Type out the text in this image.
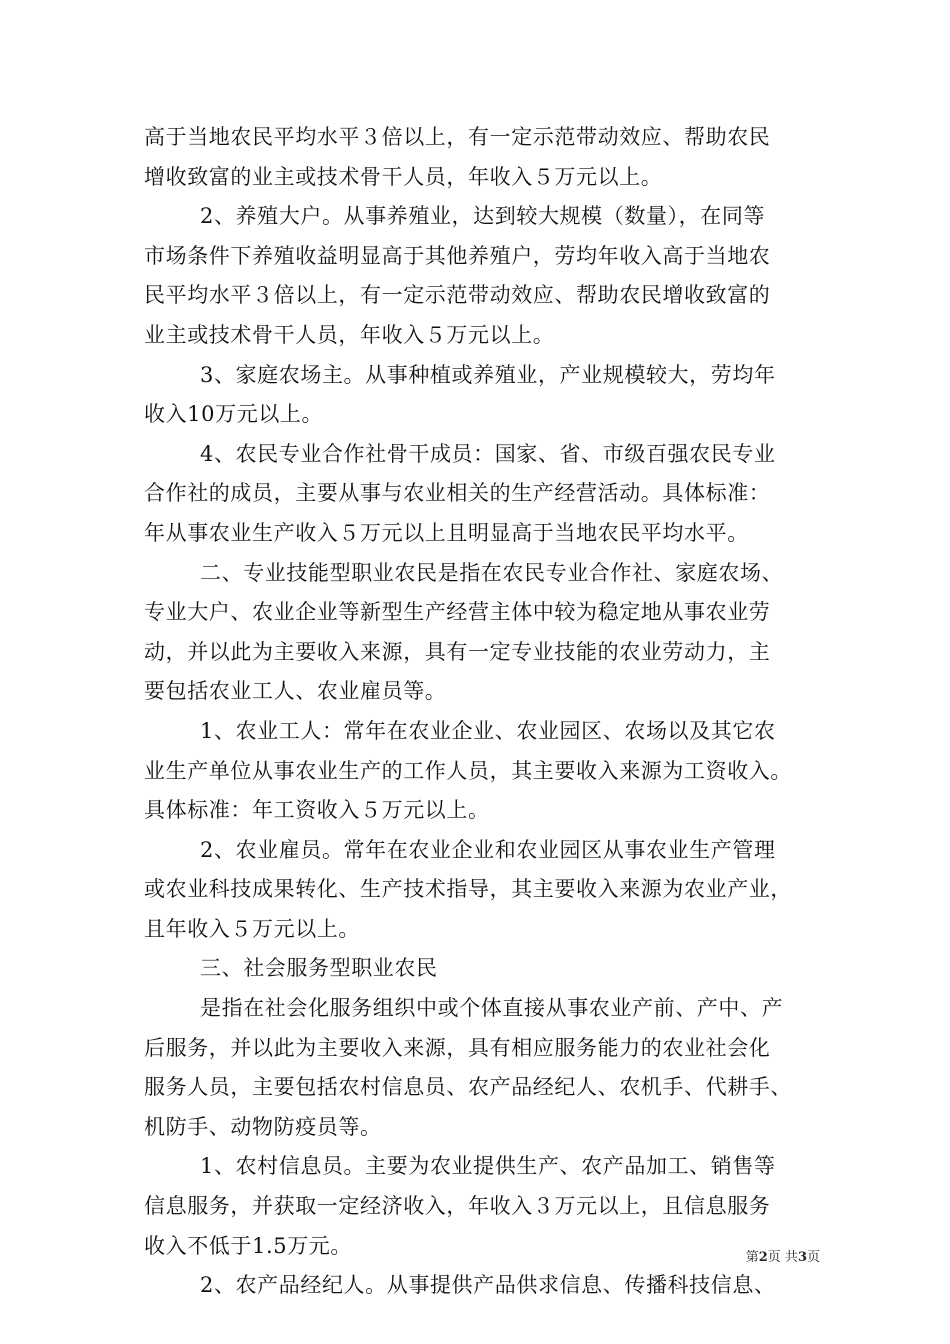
高于当地农民平均水平３倍以上，有一定示范带动效应、帮助农民
增收致富的业主或技术骨干人员，年收入５万元以上。
2、养殖大户。从事养殖业，达到较大规模（数量），在同等
市场条件下养殖收益明显高于其他养殖户，劳均年收入高于当地农
民平均水平３倍以上，有一定示范带动效应、帮助农民增收致富的
业主或技术骨干人员，年收入５万元以上。
3、家庭农场主。从事种植或养殖业，产业规模较大，劳均年
收入10万元以上。
4、农民专业合作社骨干成员：国家、省、市级百强农民专业
合作社的成员，主要从事与农业相关的生产经营活动。具体标准：
年从事农业生产收入５万元以上且明显高于当地农民平均水平。
二、专业技能型职业农民是指在农民专业合作社、家庭农场、
专业大户、农业企业等新型生产经营主体中较为稳定地从事农业劳
动，并以此为主要收入来源，具有一定专业技能的农业劳动力，主
要包括农业工人、农业雇员等。
1、农业工人：常年在农业企业、农业园区、农场以及其它农
业生产单位从事农业生产的工作人员，其主要收入来源为工资收入。
具体标准：年工资收入５万元以上。
2、农业雇员。常年在农业企业和农业园区从事农业生产管理
或农业科技成果转化、生产技术指导，其主要收入来源为农业产业，
且年收入５万元以上。
三、社会服务型职业农民
是指在社会化服务组织中或个体直接从事农业产前、产中、产
后服务，并以此为主要收入来源，具有相应服务能力的农业社会化
服务人员，主要包括农村信息员、农产品经纪人、农机手、代耕手、
机防手、动物防疫员等。
1、农村信息员。主要为农业提供生产、农产品加工、销售等
信息服务，并获取一定经济收入，年收入３万元以上，且信息服务
收入不低于1.5万元。
2、农产品经纪人。从事提供产品供求信息、传播科技信息、
第2页 共3页
